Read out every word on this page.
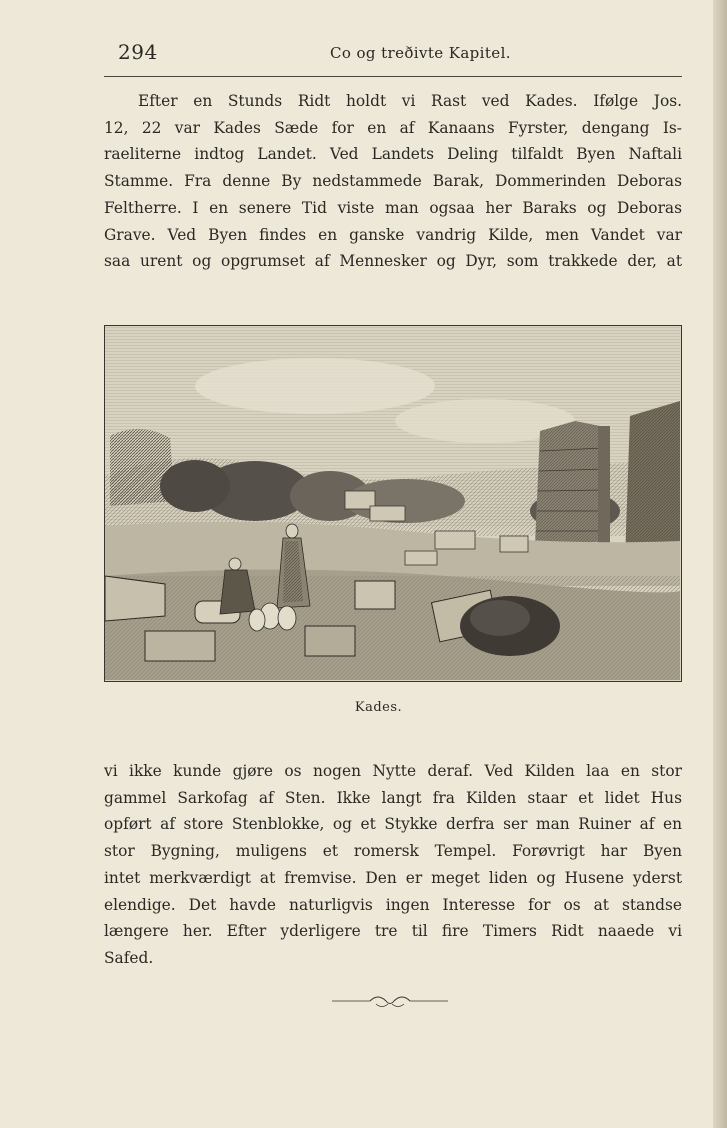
294	Co og treðivte Kapitel.
Efter en Stunds Ridt holdt vi Rast ved Kades. Ifølge Jos.
12, 22 var Kades Sæde for en af Kanaans Fyrster, dengang Is-
raeliterne indtog Landet. Ved Landets Deling tilfaldt Byen Naftali
Stamme. Fra denne By nedstammede Barak, Dommerinden Deboras
Feltherre. I en senere Tid viste man ogsaa her Baraks og Deboras
Grave. Ved Byen findes en ganske vandrig Kilde, men Vandet var
saa urent og opgrumset af Mennesker og Dyr, som trakkede der, at
Kades.
vi ikke kunde gjøre os nogen Nytte deraf. Ved Kilden laa en stor
gammel Sarkofag af Sten. Ikke langt fra Kilden staar et lidet Hus
opført af store Stenblokke, og et Stykke derfra ser man Ruiner af en
stor Bygning, muligens et romersk Tempel. Forøvrigt har Byen
intet merkværdigt at fremvise. Den er meget liden og Husene yderst
elendige. Det havde naturligvis ingen Interesse for os at standse
længere her. Efter yderligere tre til fire Timers Ridt naaede vi
Safed.
